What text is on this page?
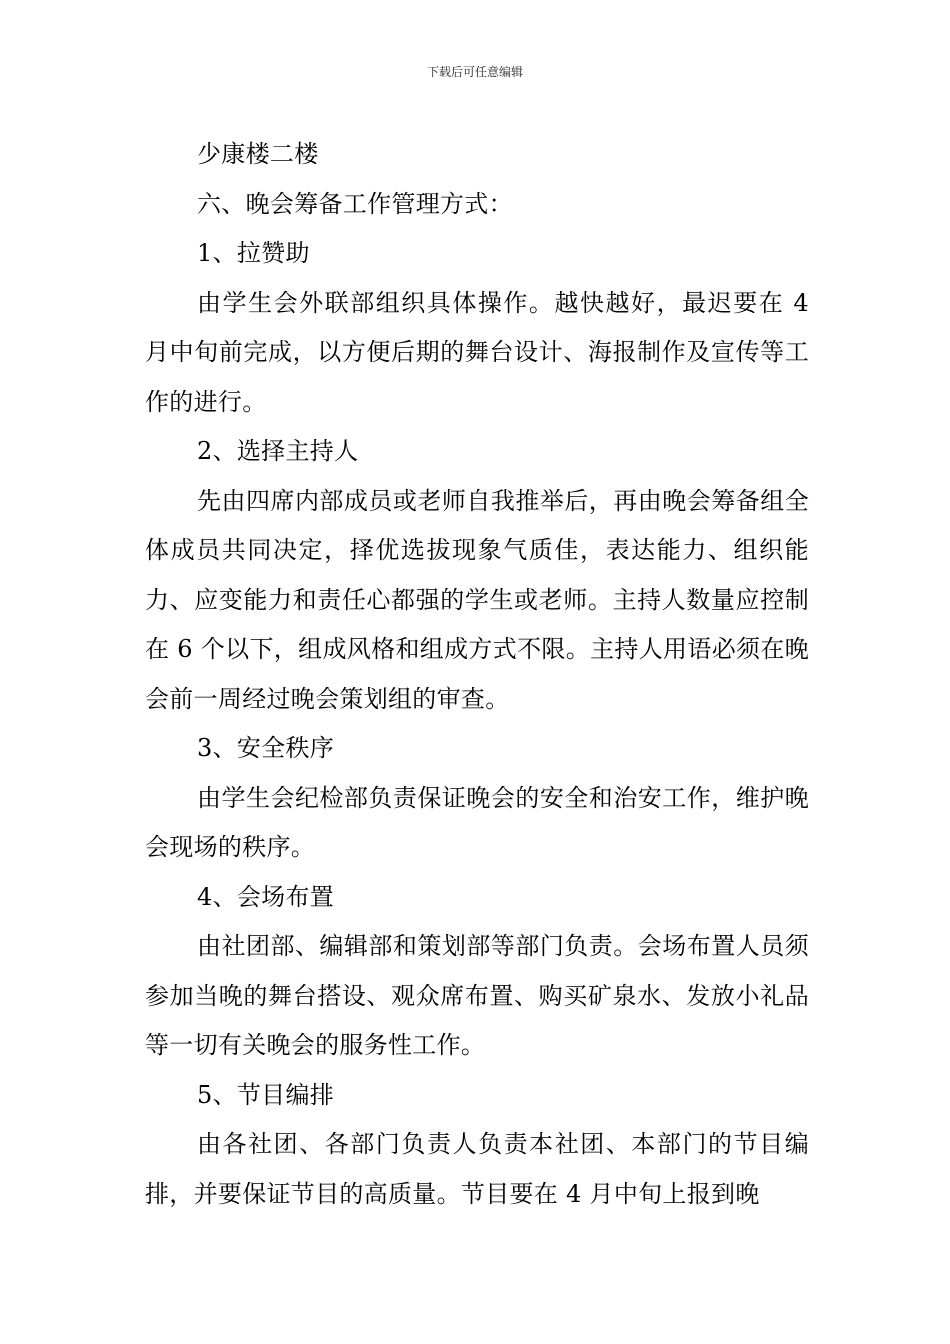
下载后可任意编辑

少康楼二楼

六、晚会筹备工作管理方式：

1、拉赞助

由学生会外联部组织具体操作。越快越好，最迟要在 4 月中旬前完成，以方便后期的舞台设计、海报制作及宣传等工作的进行。

2、选择主持人

先由四席内部成员或老师自我推举后，再由晚会筹备组全体成员共同决定，择优选拔现象气质佳，表达能力、组织能力、应变能力和责任心都强的学生或老师。主持人数量应控制在 6 个以下，组成风格和组成方式不限。主持人用语必须在晚会前一周经过晚会策划组的审查。

3、安全秩序

由学生会纪检部负责保证晚会的安全和治安工作，维护晚会现场的秩序。

4、会场布置

由社团部、编辑部和策划部等部门负责。会场布置人员须参加当晚的舞台搭设、观众席布置、购买矿泉水、发放小礼品等一切有关晚会的服务性工作。

5、节目编排

由各社团、各部门负责人负责本社团、本部门的节目编排，并要保证节目的高质量。节目要在 4 月中旬上报到晚
